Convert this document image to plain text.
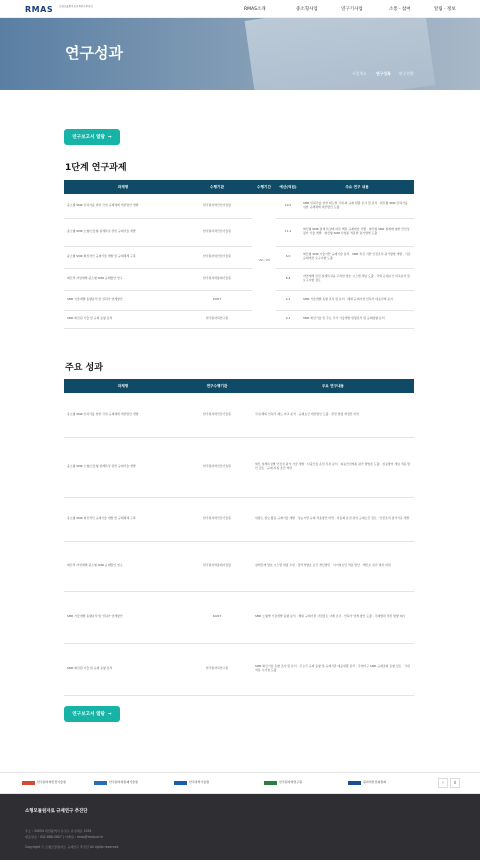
RMAS 소형모듈원자로규제연구추진단
RMAS소개	중소형사업	연구기사업	소통 · 참여	알림 · 정보
연구성과
사업개요 연구성과 연구현황
연구보고서 열람 →
1단계 연구과제
과제명	수행기관	수행기간	예산(억원)	주요 연구 내용
중소형 SMR 인허가를 위한 국내 규제체계 개선방안 개발	한국원자력안전기술원	'22~'23	10.5	SMR 인허가를 위한 제도별 국내·외 규제 현황 조사 및 분석 · 혁신형 SMR 인허가를 위한 규제체계 개선방안 도출
중소형 SMR 소형/모듈형 설계특성 관련 규제기술 개발	한국원자력안전기술원		11.2	혁신형 SMR 설계 특성에 따른 핵심 규제현안 식별 · 혁신형 SMR 설계에 대한 안전성 평가 기술 개발 · 혁신형 SMR 사업분 적용한 평가방법 도출
중소형 SMR 혁신적인 규제기술 개발 및 규제체계 구축	한국원자력안전기술원		6.0	혁신형 SMR 기술기반 규제기술 분석 · SMR 특성 기반 안전조치 평가방법 개발 · 기존 규제개선 요구사항 도출
혁신적 자연재해 중소형 SMR 규제방안 연구	한국원자력통제기술원		6.8	자연재해 안전 설계특성을 고려한 방호 시스템 개념 도출 · 국외 규제요건 비교분석 및 요구사항 검토
SMR 기술개발 동향분석 및 인허가 연계방안	KAIST		4.2	SMR 기술개발 동향 조사 및 분석 · 해외 규제기관 인허가 대응사례 분석
SMR 혁신원 기술 및 규제 동향 분석	한국원자력연구원		4.2	SMR 혁신기술 및 주요 국가 기술개발 현황분석 및 규제영향 분석
주요 성과
과제명	연구수행기관	주요 연구내용
중소형 SMR 인허가를 위한 국내 규제체계 개선방안 개발	한국원자력안전기술원	국내·해외 인허가 제도 비교 분석 · 규제요건 개선방안 도출 · 관련 법령 개정안 마련
중소형 SMR 소형/모듈형 설계특성 관련 규제기술 개발	한국원자력안전기술원	혁신 설계특성별 안전성 평가 기술 개발 · 다중모듈 운전 특성 분석 · 피동안전계통 평가 방법론 도출 · 심층방어 개념 적용 방안 검토 · 규제 지침 초안 마련
중소형 SMR 혁신적인 규제기술 개발 및 규제체계 구축	한국원자력안전기술원	위험도 정보 활용 규제기술 개발 · 성능기반 규제 적용방안 마련 · 자동화 운전 관련 규제요건 검토 · 안전조치 평가기준 개발
혁신적 자연재해 중소형 SMR 규제방안 연구	한국원자력통제기술원	설계단계 방호 시스템 개념 수립 · 물리적방호 요건 개선방안 · 사이버보안 적용 방안 · 핵안보 평가 절차 마련
SMR 기술개발 동향분석 및 인허가 연계방안	KAIST	SMR 노형별 기술개발 동향 분석 · 해외 규제기관 사전검토 사례 조사 · 인허가 연계 방안 도출 · 국제협력 추진 방향 제시
SMR 혁신원 기술 및 규제 동향 분석	한국원자력연구원	SMR 혁신기술 동향 조사 및 분석 · 주요국 규제 동향 및 규제기관 대응현황 분석 · 국제기구 SMR 규제조화 동향 검토 · 국내 적용 시사점 도출
연구보고서 열람 →
한국원자력안전기술원	한국원자력통제기술원	한국과학기술원	한국원자력연구원	원자력안전위원회	‹	॥
소형모듈원자로 규제연구 추진단
주소 : 34054 대전광역시 유성구 유성대로 1534
대표번호 : 042-868-0807 | 이메일 : rmas@rmas.or.kr
Copyright ⓒ 소형모듈원자로 규제연구 추진단 All rights reserved.
